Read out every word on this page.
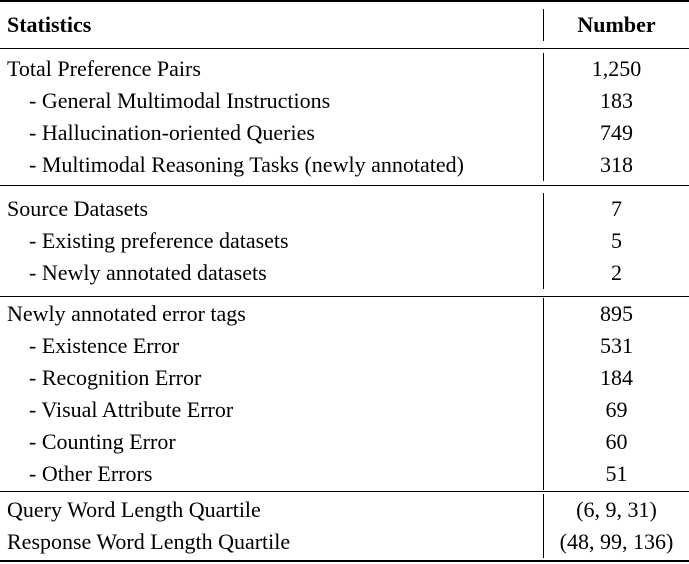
Statistics	Number
Total Preference Pairs	1,250
- General Multimodal Instructions	183
- Hallucination-oriented Queries	749
- Multimodal Reasoning Tasks (newly annotated)	318
Source Datasets	7
- Existing preference datasets	5
- Newly annotated datasets	2
Newly annotated error tags	895
- Existence Error	531
- Recognition Error	184
- Visual Attribute Error	69
- Counting Error	60
- Other Errors	51
Query Word Length Quartile	(6, 9, 31)
Response Word Length Quartile	(48, 99, 136)
